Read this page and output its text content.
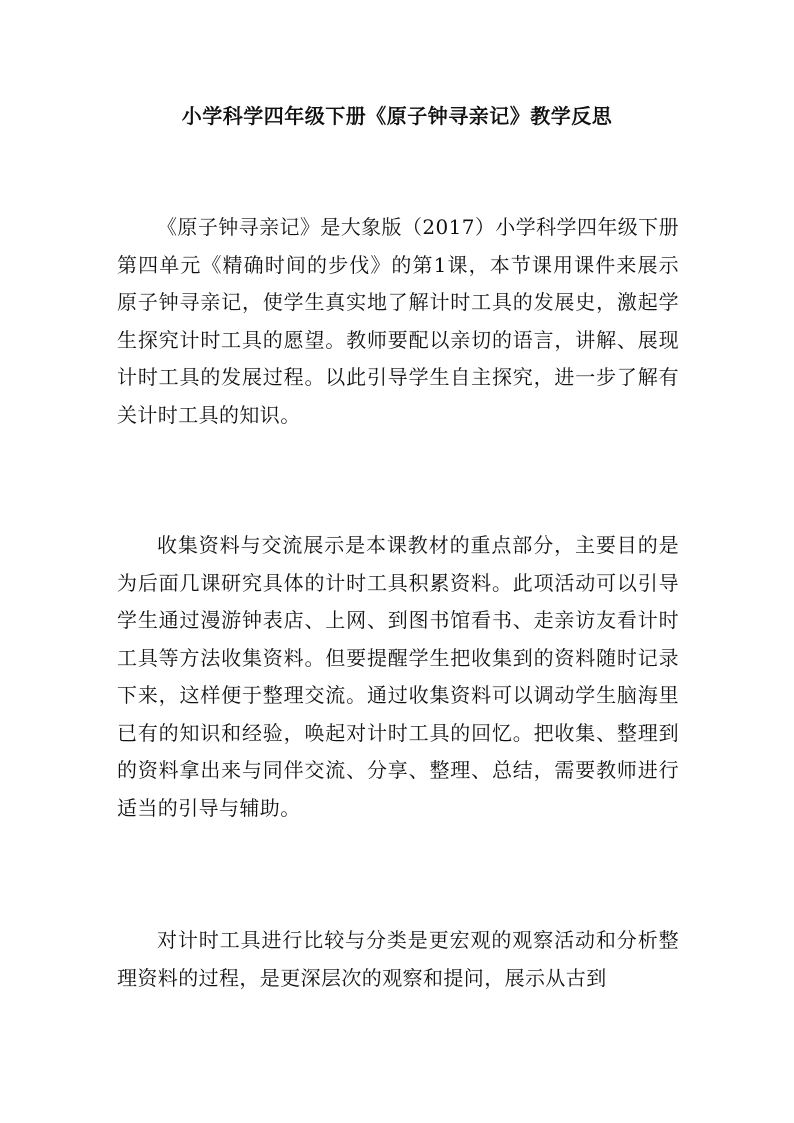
小学科学四年级下册《原子钟寻亲记》教学反思

《原子钟寻亲记》是大象版（2017）小学科学四年级下册第四单元《精确时间的步伐》的第1课，本节课用课件来展示原子钟寻亲记，使学生真实地了解计时工具的发展史，激起学生探究计时工具的愿望。教师要配以亲切的语言，讲解、展现计时工具的发展过程。以此引导学生自主探究，进一步了解有关计时工具的知识。

收集资料与交流展示是本课教材的重点部分，主要目的是为后面几课研究具体的计时工具积累资料。此项活动可以引导学生通过漫游钟表店、上网、到图书馆看书、走亲访友看计时工具等方法收集资料。但要提醒学生把收集到的资料随时记录下来，这样便于整理交流。通过收集资料可以调动学生脑海里已有的知识和经验，唤起对计时工具的回忆。把收集、整理到的资料拿出来与同伴交流、分享、整理、总结，需要教师进行适当的引导与辅助。

对计时工具进行比较与分类是更宏观的观察活动和分析整理资料的过程，是更深层次的观察和提问，展示从古到
